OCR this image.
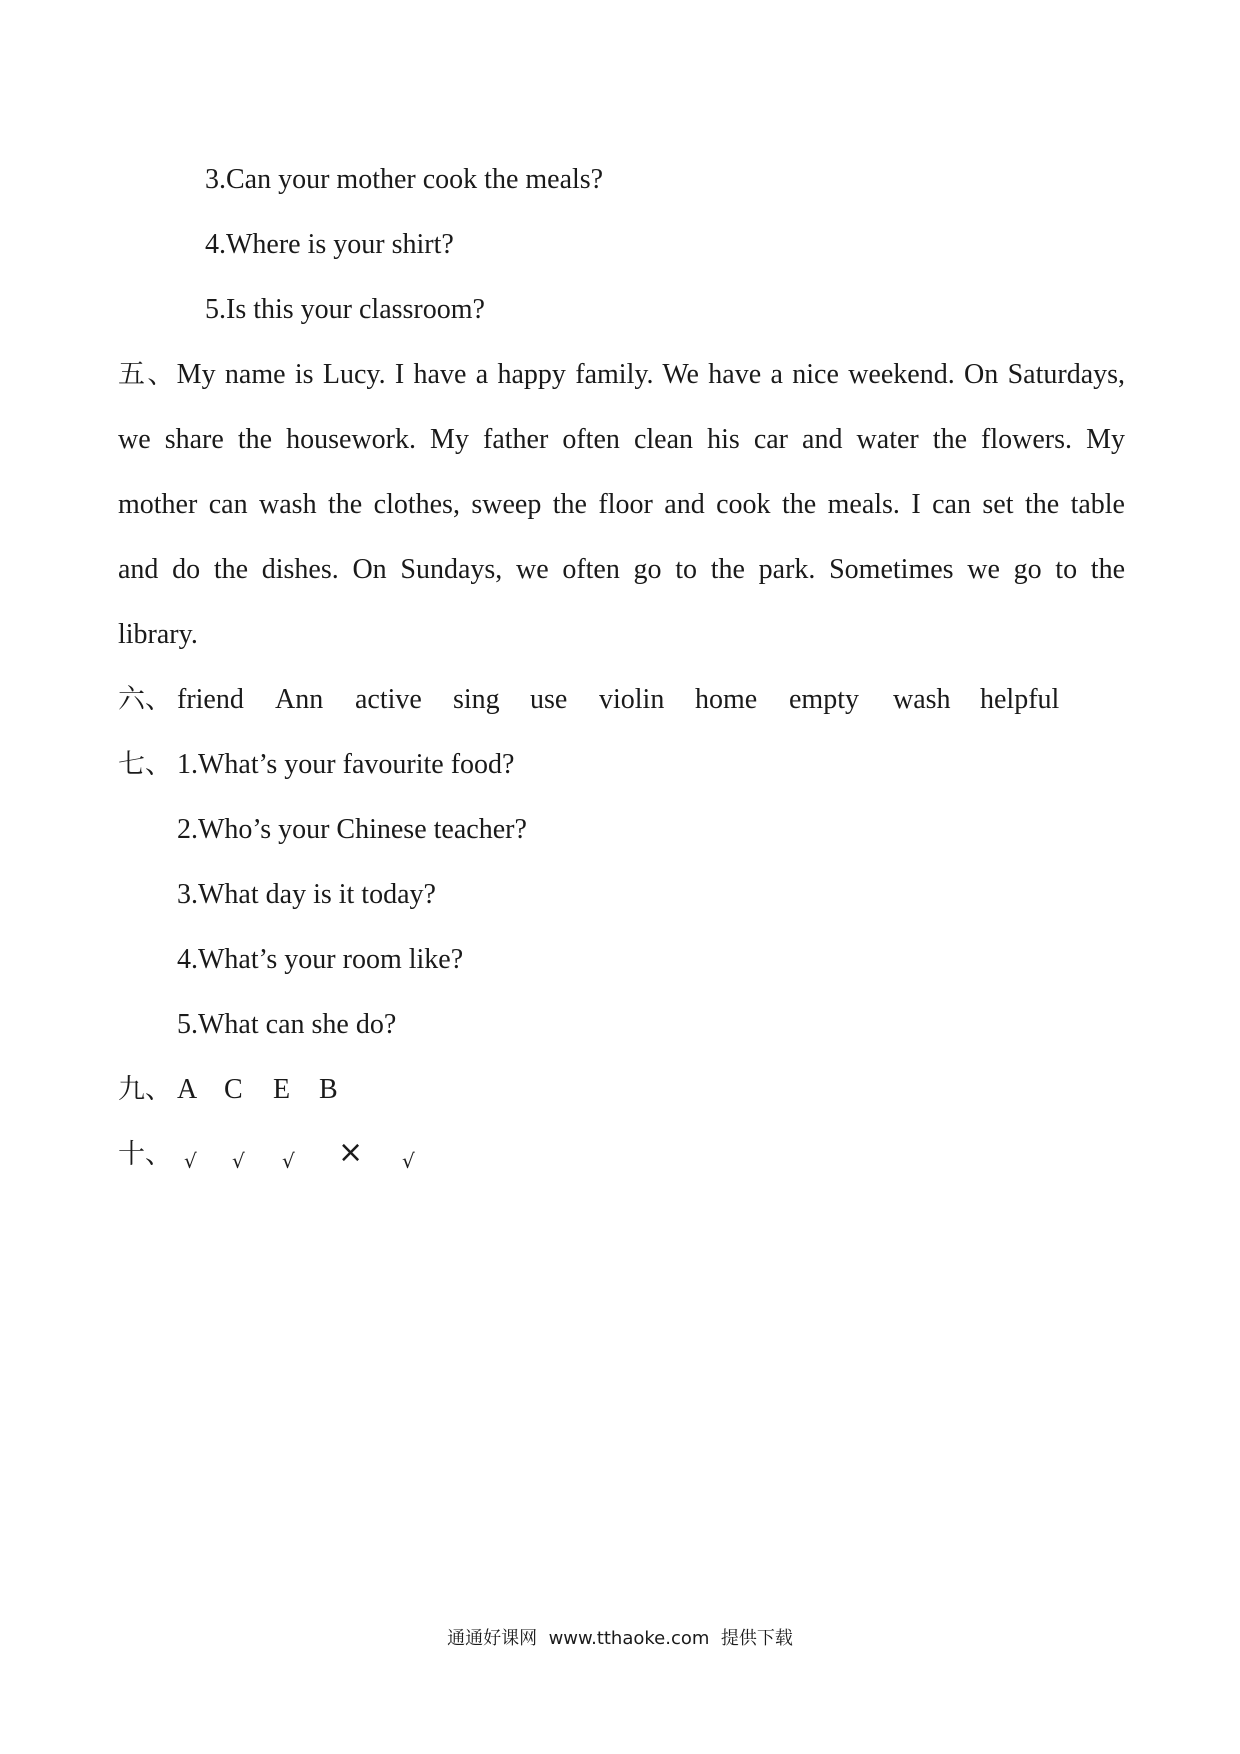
3.Can your mother cook the meals?
4.Where is your shirt?
5.Is this your classroom?
五、My name is Lucy. I have a happy family. We have a nice weekend. On Saturdays,
we share the housework. My father often clean his car and water the flowers. My
mother can wash the clothes, sweep the floor and cook the meals. I can set the table
and do the dishes. On Sundays, we often go to the park. Sometimes we go to the
library.
六、 friend Ann active sing use violin home empty wash helpful
七、 1.What’s your favourite food?
2.Who’s your Chinese teacher?
3.What day is it today?
4.What’s your room like?
5.What can she do?
九、 A C E B
十、 √ √ √ × √
通通好课网 www.tthaoke.com 提供下载
